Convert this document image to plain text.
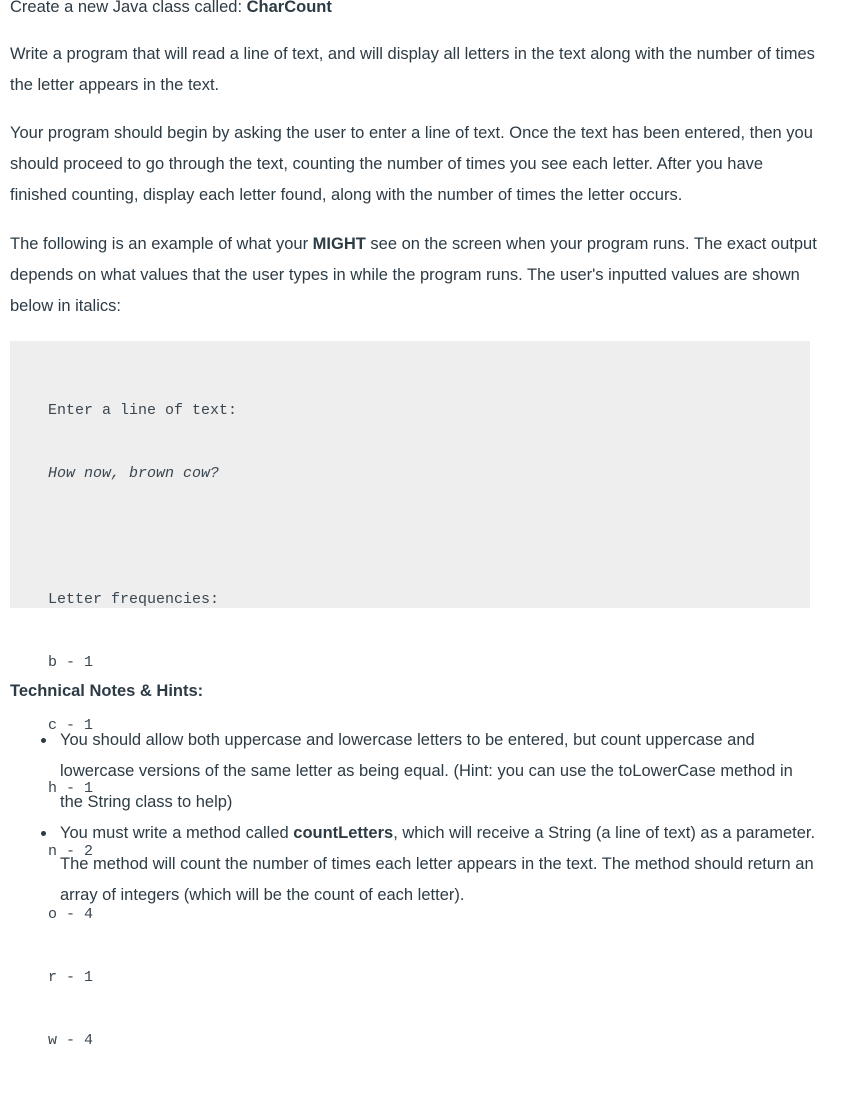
Create a new Java class called: CharCount

Write a program that will read a line of text, and will display all letters in the text along with the number of times the letter appears in the text.

Your program should begin by asking the user to enter a line of text. Once the text has been entered, then you should proceed to go through the text, counting the number of times you see each letter. After you have finished counting, display each letter found, along with the number of times the letter occurs.

The following is an example of what your MIGHT see on the screen when your program runs. The exact output depends on what values that the user types in while the program runs. The user's inputted values are shown below in italics:

Enter a line of text:

How now, brown cow?

Letter frequencies:

b - 1

c - 1

h - 1

n - 2

o - 4

r - 1

w - 4

Technical Notes & Hints:

You should allow both uppercase and lowercase letters to be entered, but count uppercase and lowercase versions of the same letter as being equal. (Hint: you can use the toLowerCase method in the String class to help)
You must write a method called countLetters, which will receive a String (a line of text) as a parameter. The method will count the number of times each letter appears in the text. The method should return an array of integers (which will be the count of each letter).
